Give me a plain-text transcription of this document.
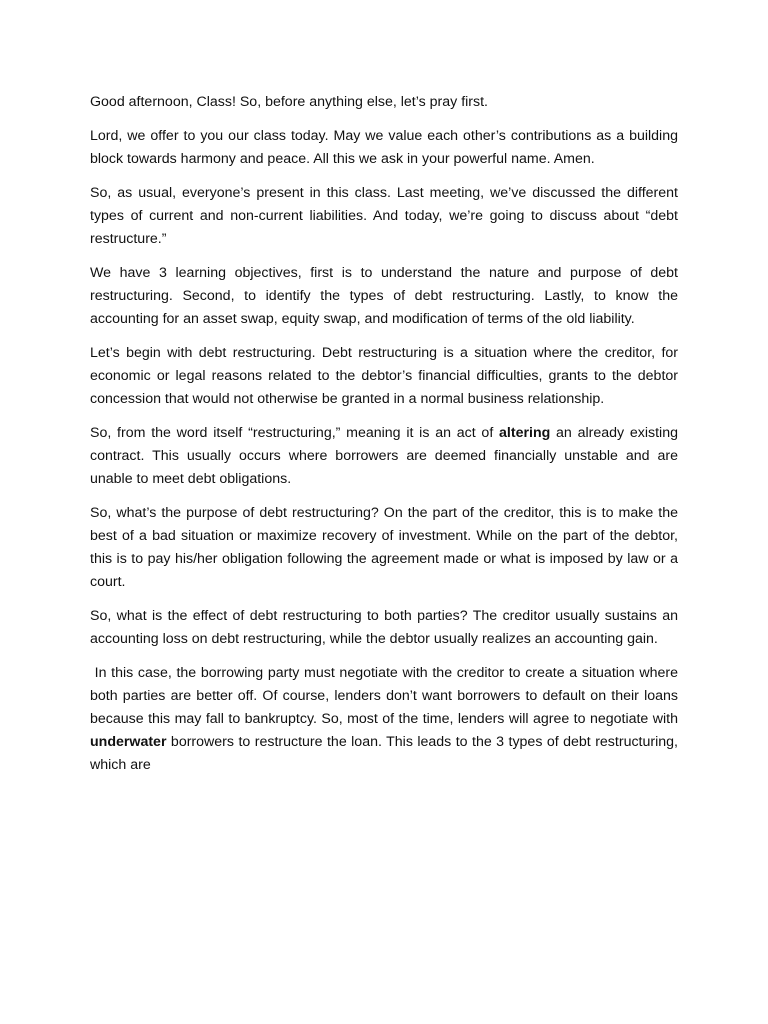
Good afternoon, Class! So, before anything else, let’s pray first.

Lord, we offer to you our class today. May we value each other’s contributions as a building block towards harmony and peace. All this we ask in your powerful name. Amen.

So, as usual, everyone’s present in this class. Last meeting, we’ve discussed the different types of current and non-current liabilities. And today, we’re going to discuss about “debt restructure.”

We have 3 learning objectives, first is to understand the nature and purpose of debt restructuring. Second, to identify the types of debt restructuring. Lastly, to know the accounting for an asset swap, equity swap, and modification of terms of the old liability.

Let’s begin with debt restructuring. Debt restructuring is a situation where the creditor, for economic or legal reasons related to the debtor’s financial difficulties, grants to the debtor concession that would not otherwise be granted in a normal business relationship.

So, from the word itself “restructuring,” meaning it is an act of altering an already existing contract. This usually occurs where borrowers are deemed financially unstable and are unable to meet debt obligations.

So, what’s the purpose of debt restructuring? On the part of the creditor, this is to make the best of a bad situation or maximize recovery of investment. While on the part of the debtor, this is to pay his/her obligation following the agreement made or what is imposed by law or a court.

So, what is the effect of debt restructuring to both parties? The creditor usually sustains an accounting loss on debt restructuring, while the debtor usually realizes an accounting gain.

In this case, the borrowing party must negotiate with the creditor to create a situation where both parties are better off. Of course, lenders don’t want borrowers to default on their loans because this may fall to bankruptcy. So, most of the time, lenders will agree to negotiate with underwater borrowers to restructure the loan. This leads to the 3 types of debt restructuring, which are
